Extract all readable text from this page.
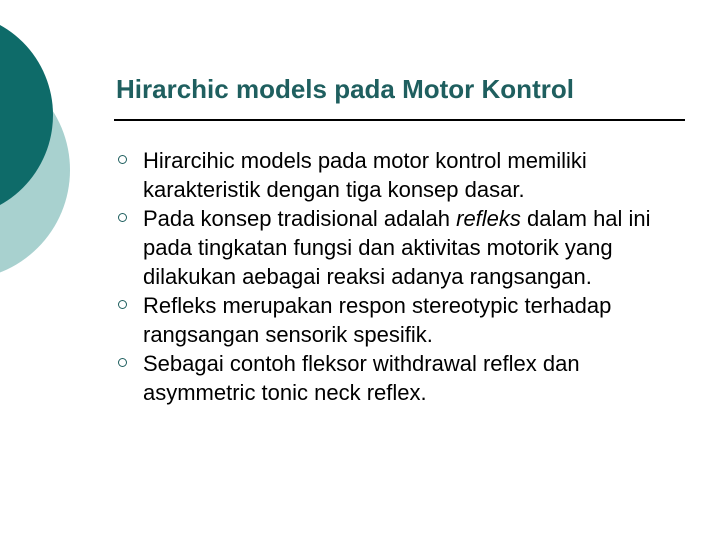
Hirarchic models pada Motor Kontrol
Hirarcihic models pada motor kontrol memiliki karakteristik dengan tiga konsep dasar.
Pada konsep tradisional adalah refleks dalam hal ini pada tingkatan fungsi dan aktivitas motorik yang dilakukan aebagai reaksi adanya rangsangan.
Refleks merupakan respon stereotypic terhadap rangsangan sensorik spesifik.
Sebagai contoh fleksor withdrawal reflex dan asymmetric tonic neck reflex.
